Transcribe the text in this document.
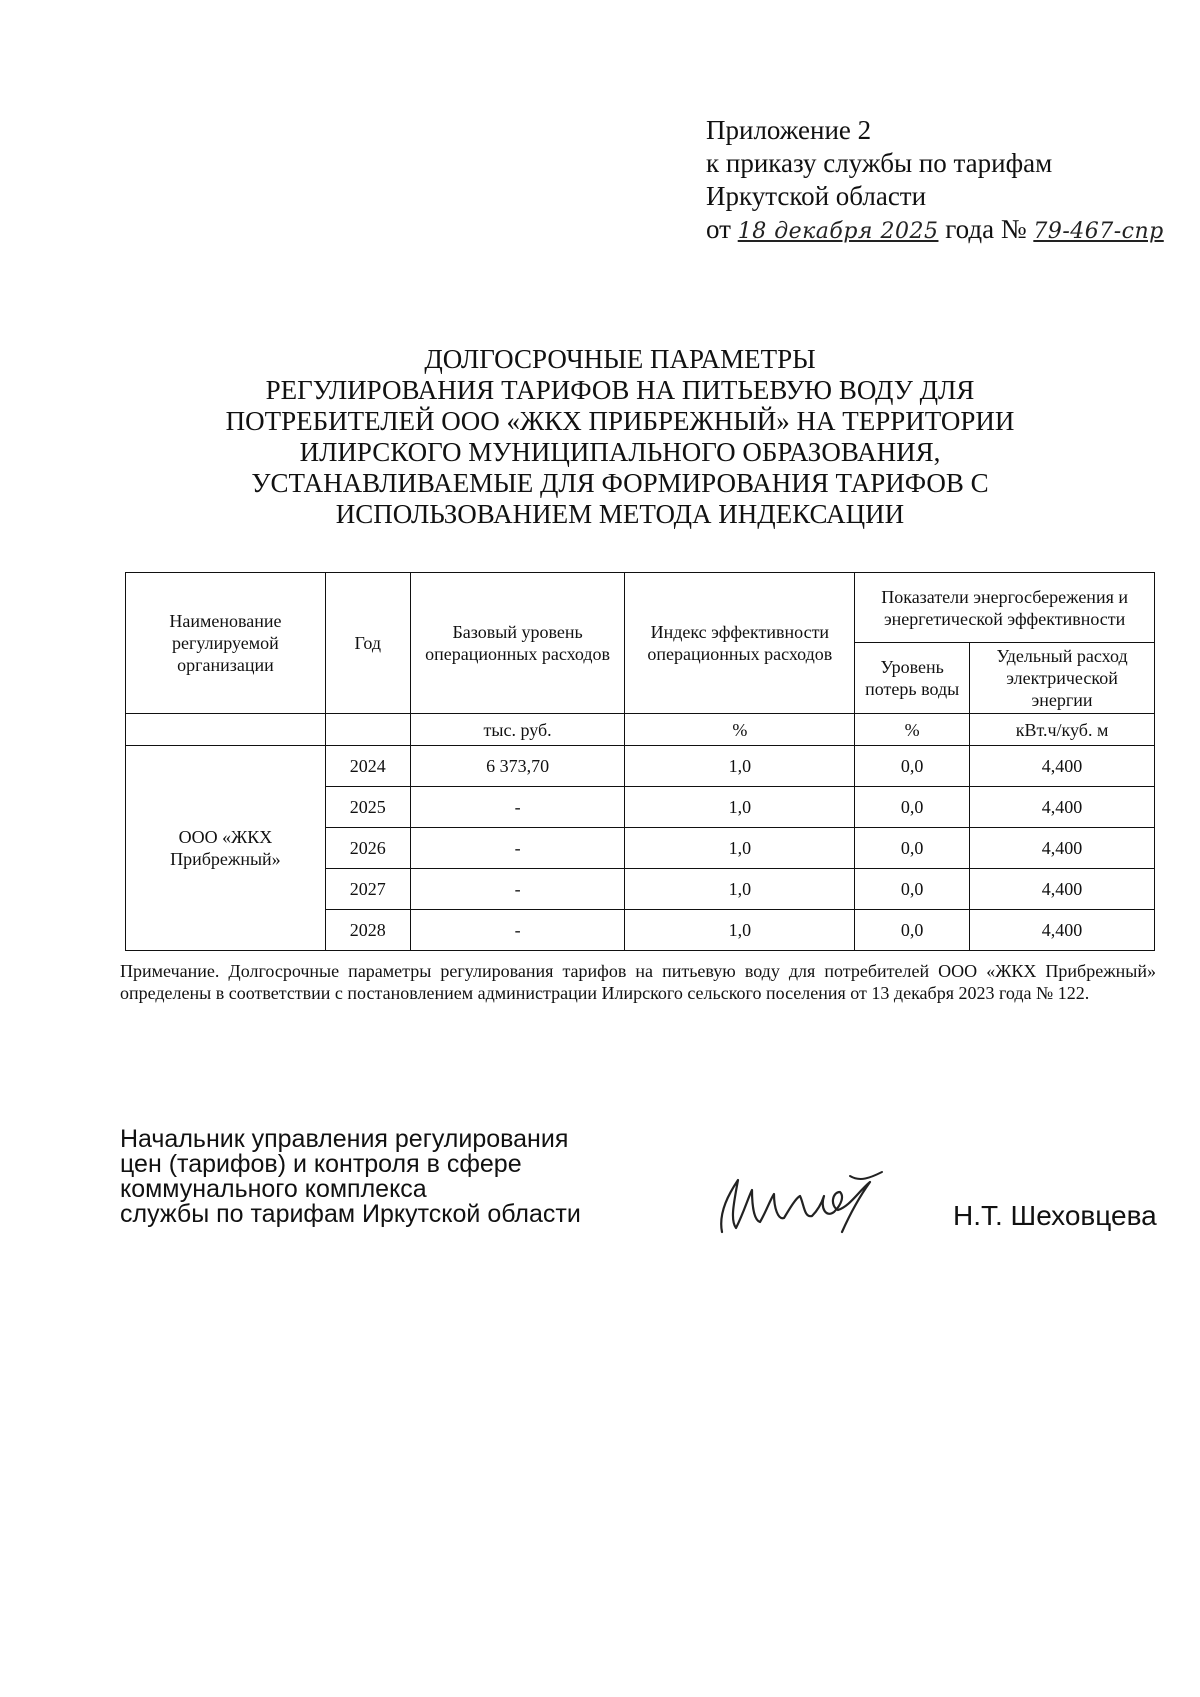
Приложение 2
к приказу службы по тарифам
Иркутской области
от 18 декабря 2025 года № 79-467-спр
ДОЛГОСРОЧНЫЕ ПАРАМЕТРЫ
РЕГУЛИРОВАНИЯ ТАРИФОВ НА ПИТЬЕВУЮ ВОДУ ДЛЯ
ПОТРЕБИТЕЛЕЙ ООО «ЖКХ ПРИБРЕЖНЫЙ» НА ТЕРРИТОРИИ
ИЛИРСКОГО МУНИЦИПАЛЬНОГО ОБРАЗОВАНИЯ,
УСТАНАВЛИВАЕМЫЕ ДЛЯ ФОРМИРОВАНИЯ ТАРИФОВ С
ИСПОЛЬЗОВАНИЕМ МЕТОДА ИНДЕКСАЦИИ
Наименование регулируемой организации	Год	Базовый уровень операционных расходов	Индекс эффективности операционных расходов	Показатели энергосбережения и энергетической эффективности	
				Уровень потерь воды	Удельный расход электрической энергии
		тыс. руб.	%	%	кВт.ч/куб. м
ООО «ЖКХ Прибрежный»	2024	6 373,70	1,0	0,0	4,400
	2025	-	1,0	0,0	4,400
	2026	-	1,0	0,0	4,400
	2027	-	1,0	0,0	4,400
	2028	-	1,0	0,0	4,400
Примечание. Долгосрочные параметры регулирования тарифов на питьевую воду для потребителей ООО «ЖКХ Прибрежный» определены в соответствии с постановлением администрации Илирского сельского поселения от 13 декабря 2023 года № 122.
Начальник управления регулирования
цен (тарифов) и контроля в сфере
коммунального комплекса
службы по тарифам Иркутской области	Н.Т. Шеховцева
